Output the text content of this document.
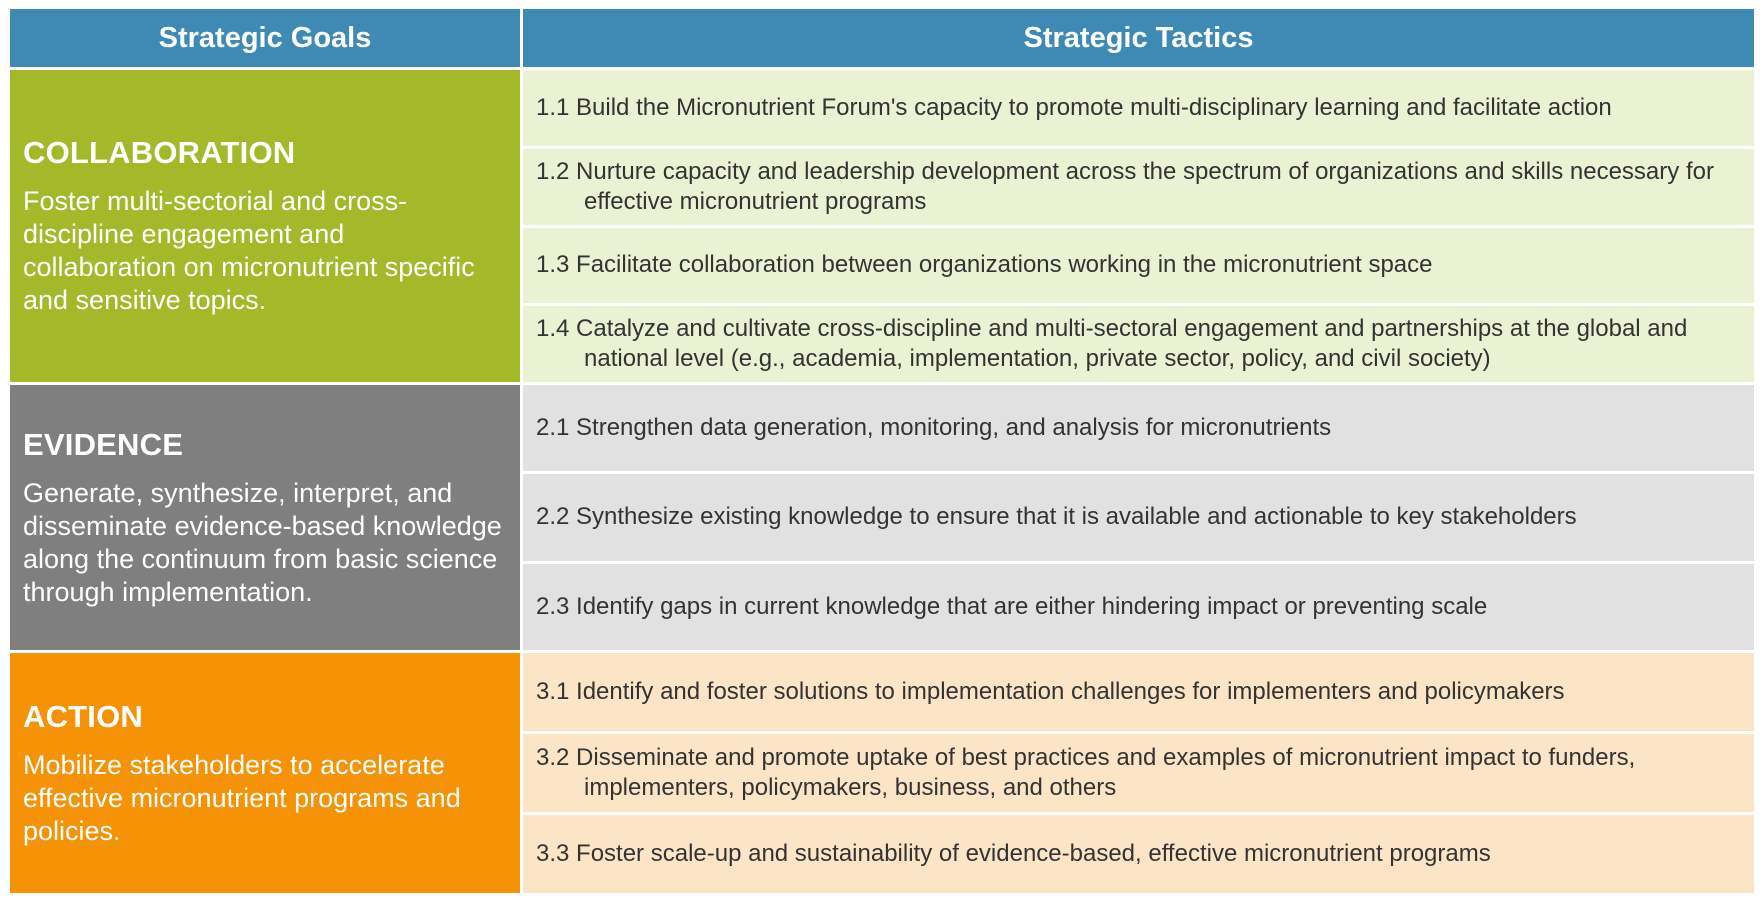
Strategic Goals	Strategic Tactics
COLLABORATION
Foster multi-sectorial and cross-discipline engagement and collaboration on micronutrient specific and sensitive topics.
1.1 Build the Micronutrient Forum's capacity to promote multi-disciplinary learning and facilitate action
1.2 Nurture capacity and leadership development across the spectrum of organizations and skills necessary for effective micronutrient programs
1.3 Facilitate collaboration between organizations working in the micronutrient space
1.4 Catalyze and cultivate cross-discipline and multi-sectoral engagement and partnerships at the global and national level (e.g., academia, implementation, private sector, policy, and civil society)
EVIDENCE
Generate, synthesize, interpret, and disseminate evidence-based knowledge along the continuum from basic science through implementation.
2.1 Strengthen data generation, monitoring, and analysis for micronutrients
2.2 Synthesize existing knowledge to ensure that it is available and actionable to key stakeholders
2.3 Identify gaps in current knowledge that are either hindering impact or preventing scale
ACTION
Mobilize stakeholders to accelerate effective micronutrient programs and policies.
3.1 Identify and foster solutions to implementation challenges for implementers and policymakers
3.2 Disseminate and promote uptake of best practices and examples of micronutrient impact to funders, implementers, policymakers, business, and others
3.3 Foster scale-up and sustainability of evidence-based, effective micronutrient programs
